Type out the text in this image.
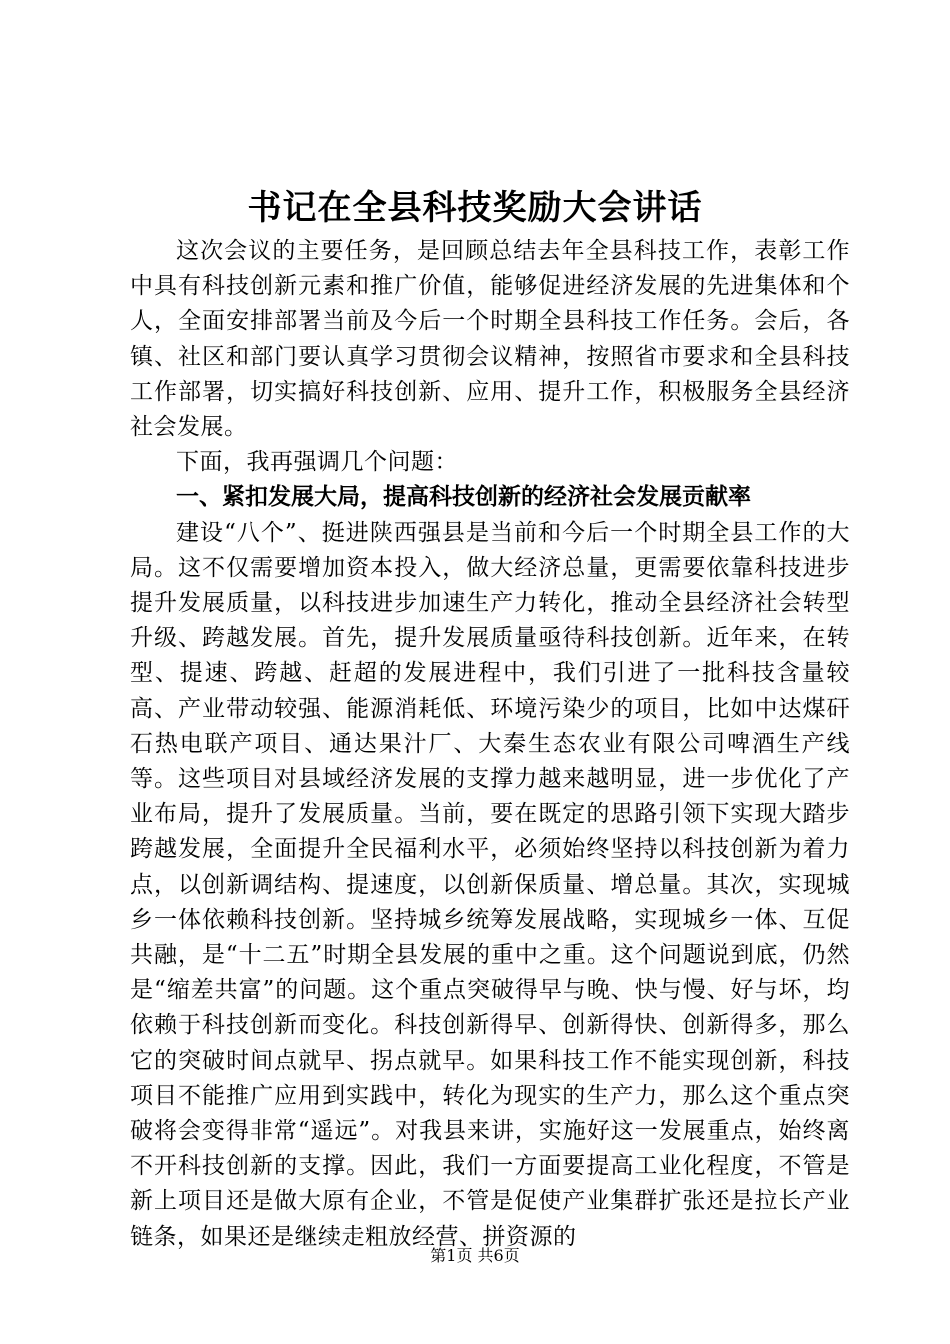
书记在全县科技奖励大会讲话

这次会议的主要任务，是回顾总结去年全县科技工作，表彰工作中具有科技创新元素和推广价值，能够促进经济发展的先进集体和个人，全面安排部署当前及今后一个时期全县科技工作任务。会后，各镇、社区和部门要认真学习贯彻会议精神，按照省市要求和全县科技工作部署，切实搞好科技创新、应用、提升工作，积极服务全县经济社会发展。

下面，我再强调几个问题：

一、紧扣发展大局，提高科技创新的经济社会发展贡献率

建设“八个”、挺进陕西强县是当前和今后一个时期全县工作的大局。这不仅需要增加资本投入，做大经济总量，更需要依靠科技进步提升发展质量，以科技进步加速生产力转化，推动全县经济社会转型升级、跨越发展。首先，提升发展质量亟待科技创新。近年来，在转型、提速、跨越、赶超的发展进程中，我们引进了一批科技含量较高、产业带动较强、能源消耗低、环境污染少的项目，比如中达煤矸石热电联产项目、通达果汁厂、大秦生态农业有限公司啤酒生产线等。这些项目对县域经济发展的支撑力越来越明显，进一步优化了产业布局，提升了发展质量。当前，要在既定的思路引领下实现大踏步跨越发展，全面提升全民福利水平，必须始终坚持以科技创新为着力点，以创新调结构、提速度，以创新保质量、增总量。其次，实现城乡一体依赖科技创新。坚持城乡统筹发展战略，实现城乡一体、互促共融，是“十二五”时期全县发展的重中之重。这个问题说到底，仍然是“缩差共富”的问题。这个重点突破得早与晚、快与慢、好与坏，均依赖于科技创新而变化。科技创新得早、创新得快、创新得多，那么它的突破时间点就早、拐点就早。如果科技工作不能实现创新，科技项目不能推广应用到实践中，转化为现实的生产力，那么这个重点突破将会变得非常“遥远”。对我县来讲，实施好这一发展重点，始终离不开科技创新的支撑。因此，我们一方面要提高工业化程度，不管是新上项目还是做大原有企业，不管是促使产业集群扩张还是拉长产业链条，如果还是继续走粗放经营、拼资源的

第1页 共6页
